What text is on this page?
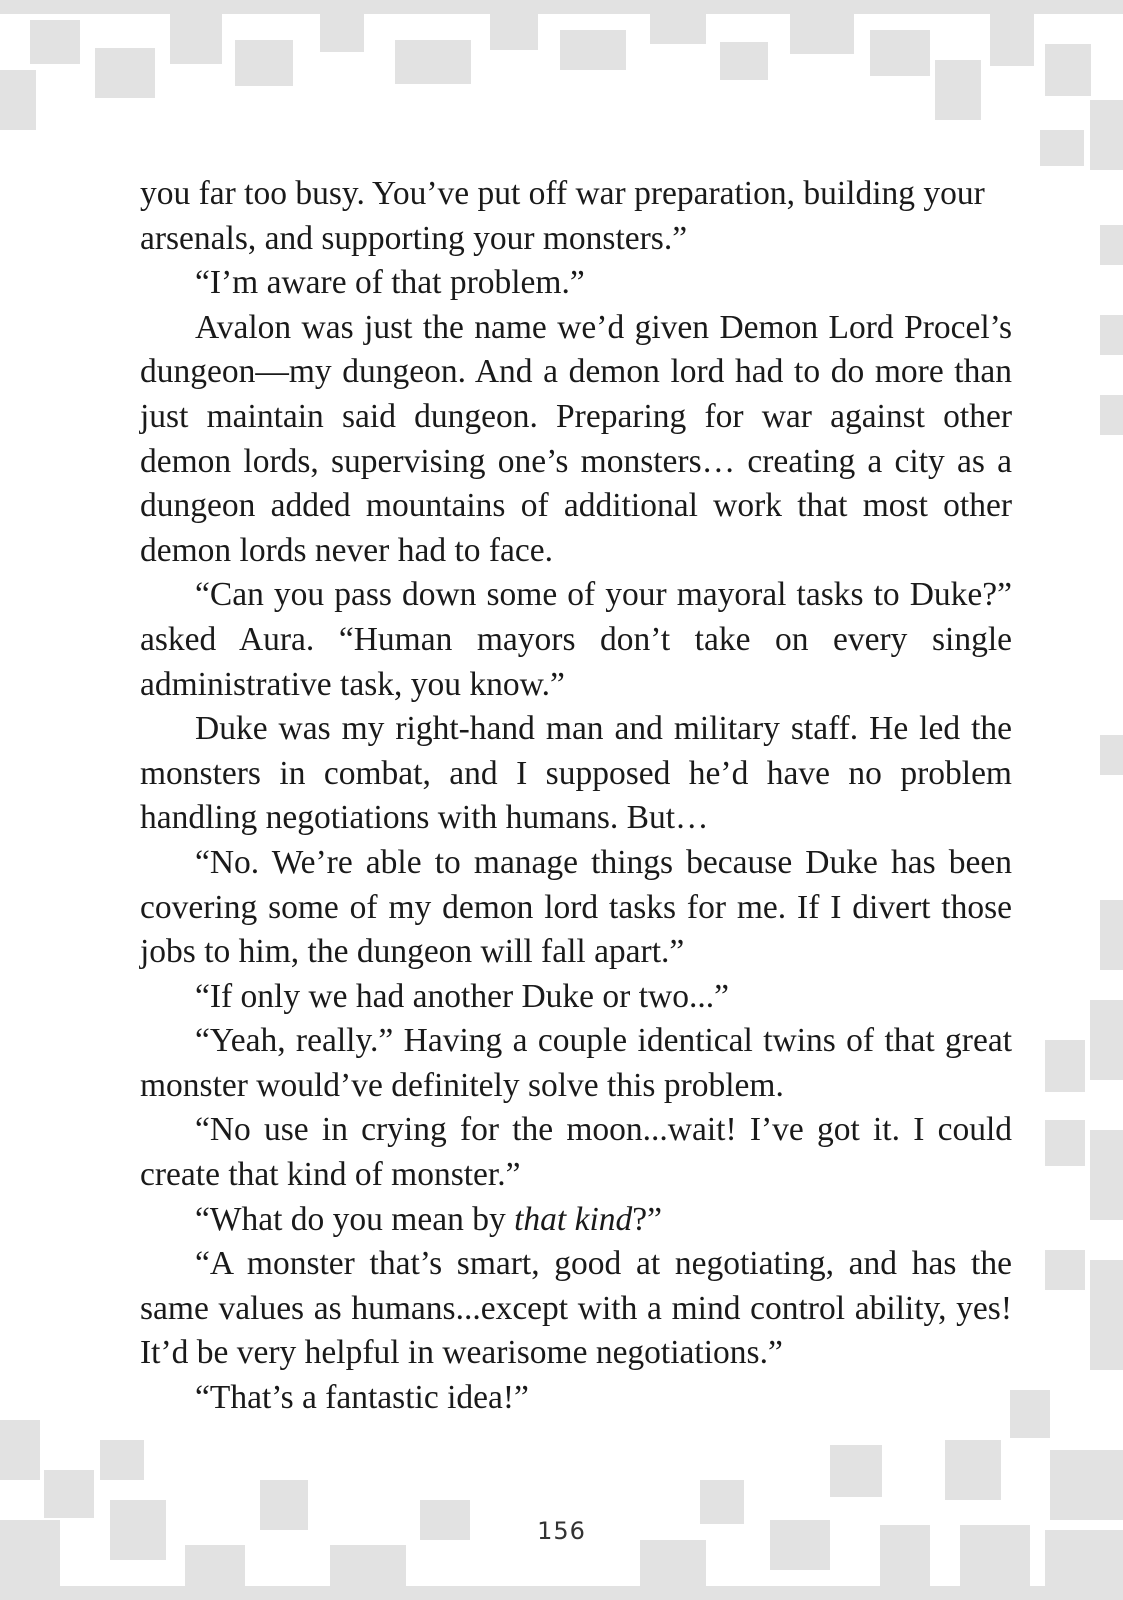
you far too busy. You’ve put off war preparation, building your arsenals, and supporting your monsters.”

“I’m aware of that problem.”

Avalon was just the name we’d given Demon Lord Procel’s dungeon—my dungeon. And a demon lord had to do more than just maintain said dungeon. Preparing for war against other demon lords, supervising one’s monsters… creating a city as a dungeon added mountains of additional work that most other demon lords never had to face.

“Can you pass down some of your mayoral tasks to Duke?” asked Aura. “Human mayors don’t take on every single administrative task, you know.”

Duke was my right-hand man and military staff. He led the monsters in combat, and I supposed he’d have no problem handling negotiations with humans. But…

“No. We’re able to manage things because Duke has been covering some of my demon lord tasks for me. If I divert those jobs to him, the dungeon will fall apart.”

“If only we had another Duke or two...”

“Yeah, really.” Having a couple identical twins of that great monster would’ve definitely solve this problem.

“No use in crying for the moon...wait! I’ve got it. I could create that kind of monster.”

“What do you mean by that kind?”

“A monster that’s smart, good at negotiating, and has the same values as humans...except with a mind control ability, yes! It’d be very helpful in wearisome negotiations.”

“That’s a fantastic idea!”

156
